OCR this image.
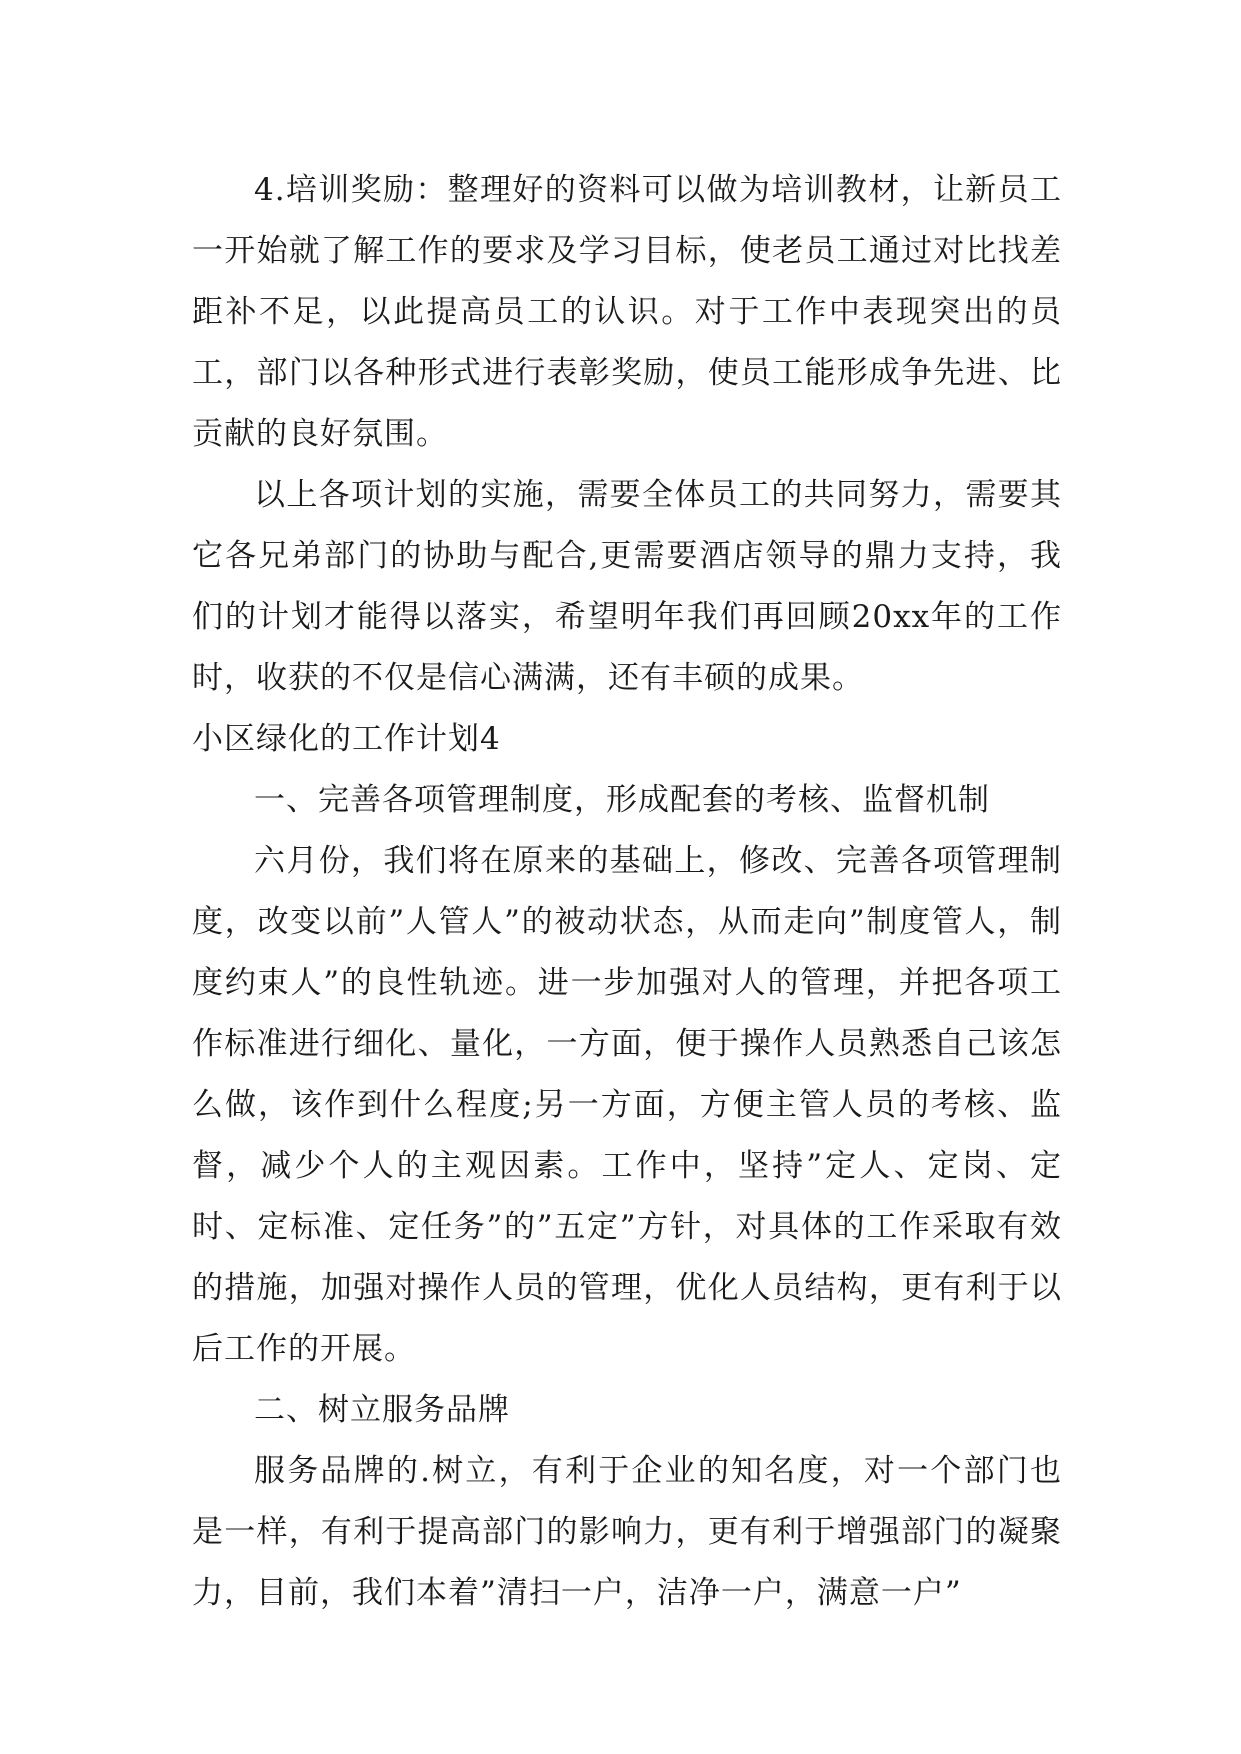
4.培训奖励：整理好的资料可以做为培训教材，让新员工一开始就了解工作的要求及学习目标，使老员工通过对比找差距补不足，以此提高员工的认识。对于工作中表现突出的员工，部门以各种形式进行表彰奖励，使员工能形成争先进、比贡献的良好氛围。

以上各项计划的实施，需要全体员工的共同努力，需要其它各兄弟部门的协助与配合,更需要酒店领导的鼎力支持，我们的计划才能得以落实，希望明年我们再回顾20xx年的工作时，收获的不仅是信心满满，还有丰硕的成果。

小区绿化的工作计划4

一、完善各项管理制度，形成配套的考核、监督机制

六月份，我们将在原来的基础上，修改、完善各项管理制度，改变以前”人管人”的被动状态，从而走向”制度管人，制度约束人”的良性轨迹。进一步加强对人的管理，并把各项工作标准进行细化、量化，一方面，便于操作人员熟悉自己该怎么做，该作到什么程度;另一方面，方便主管人员的考核、监督，减少个人的主观因素。工作中，坚持”定人、定岗、定时、定标准、定任务”的”五定”方针，对具体的工作采取有效的措施，加强对操作人员的管理，优化人员结构，更有利于以后工作的开展。

二、树立服务品牌

服务品牌的.树立，有利于企业的知名度，对一个部门也是一样，有利于提高部门的影响力，更有利于增强部门的凝聚力，目前，我们本着”清扫一户，洁净一户，满意一户”
